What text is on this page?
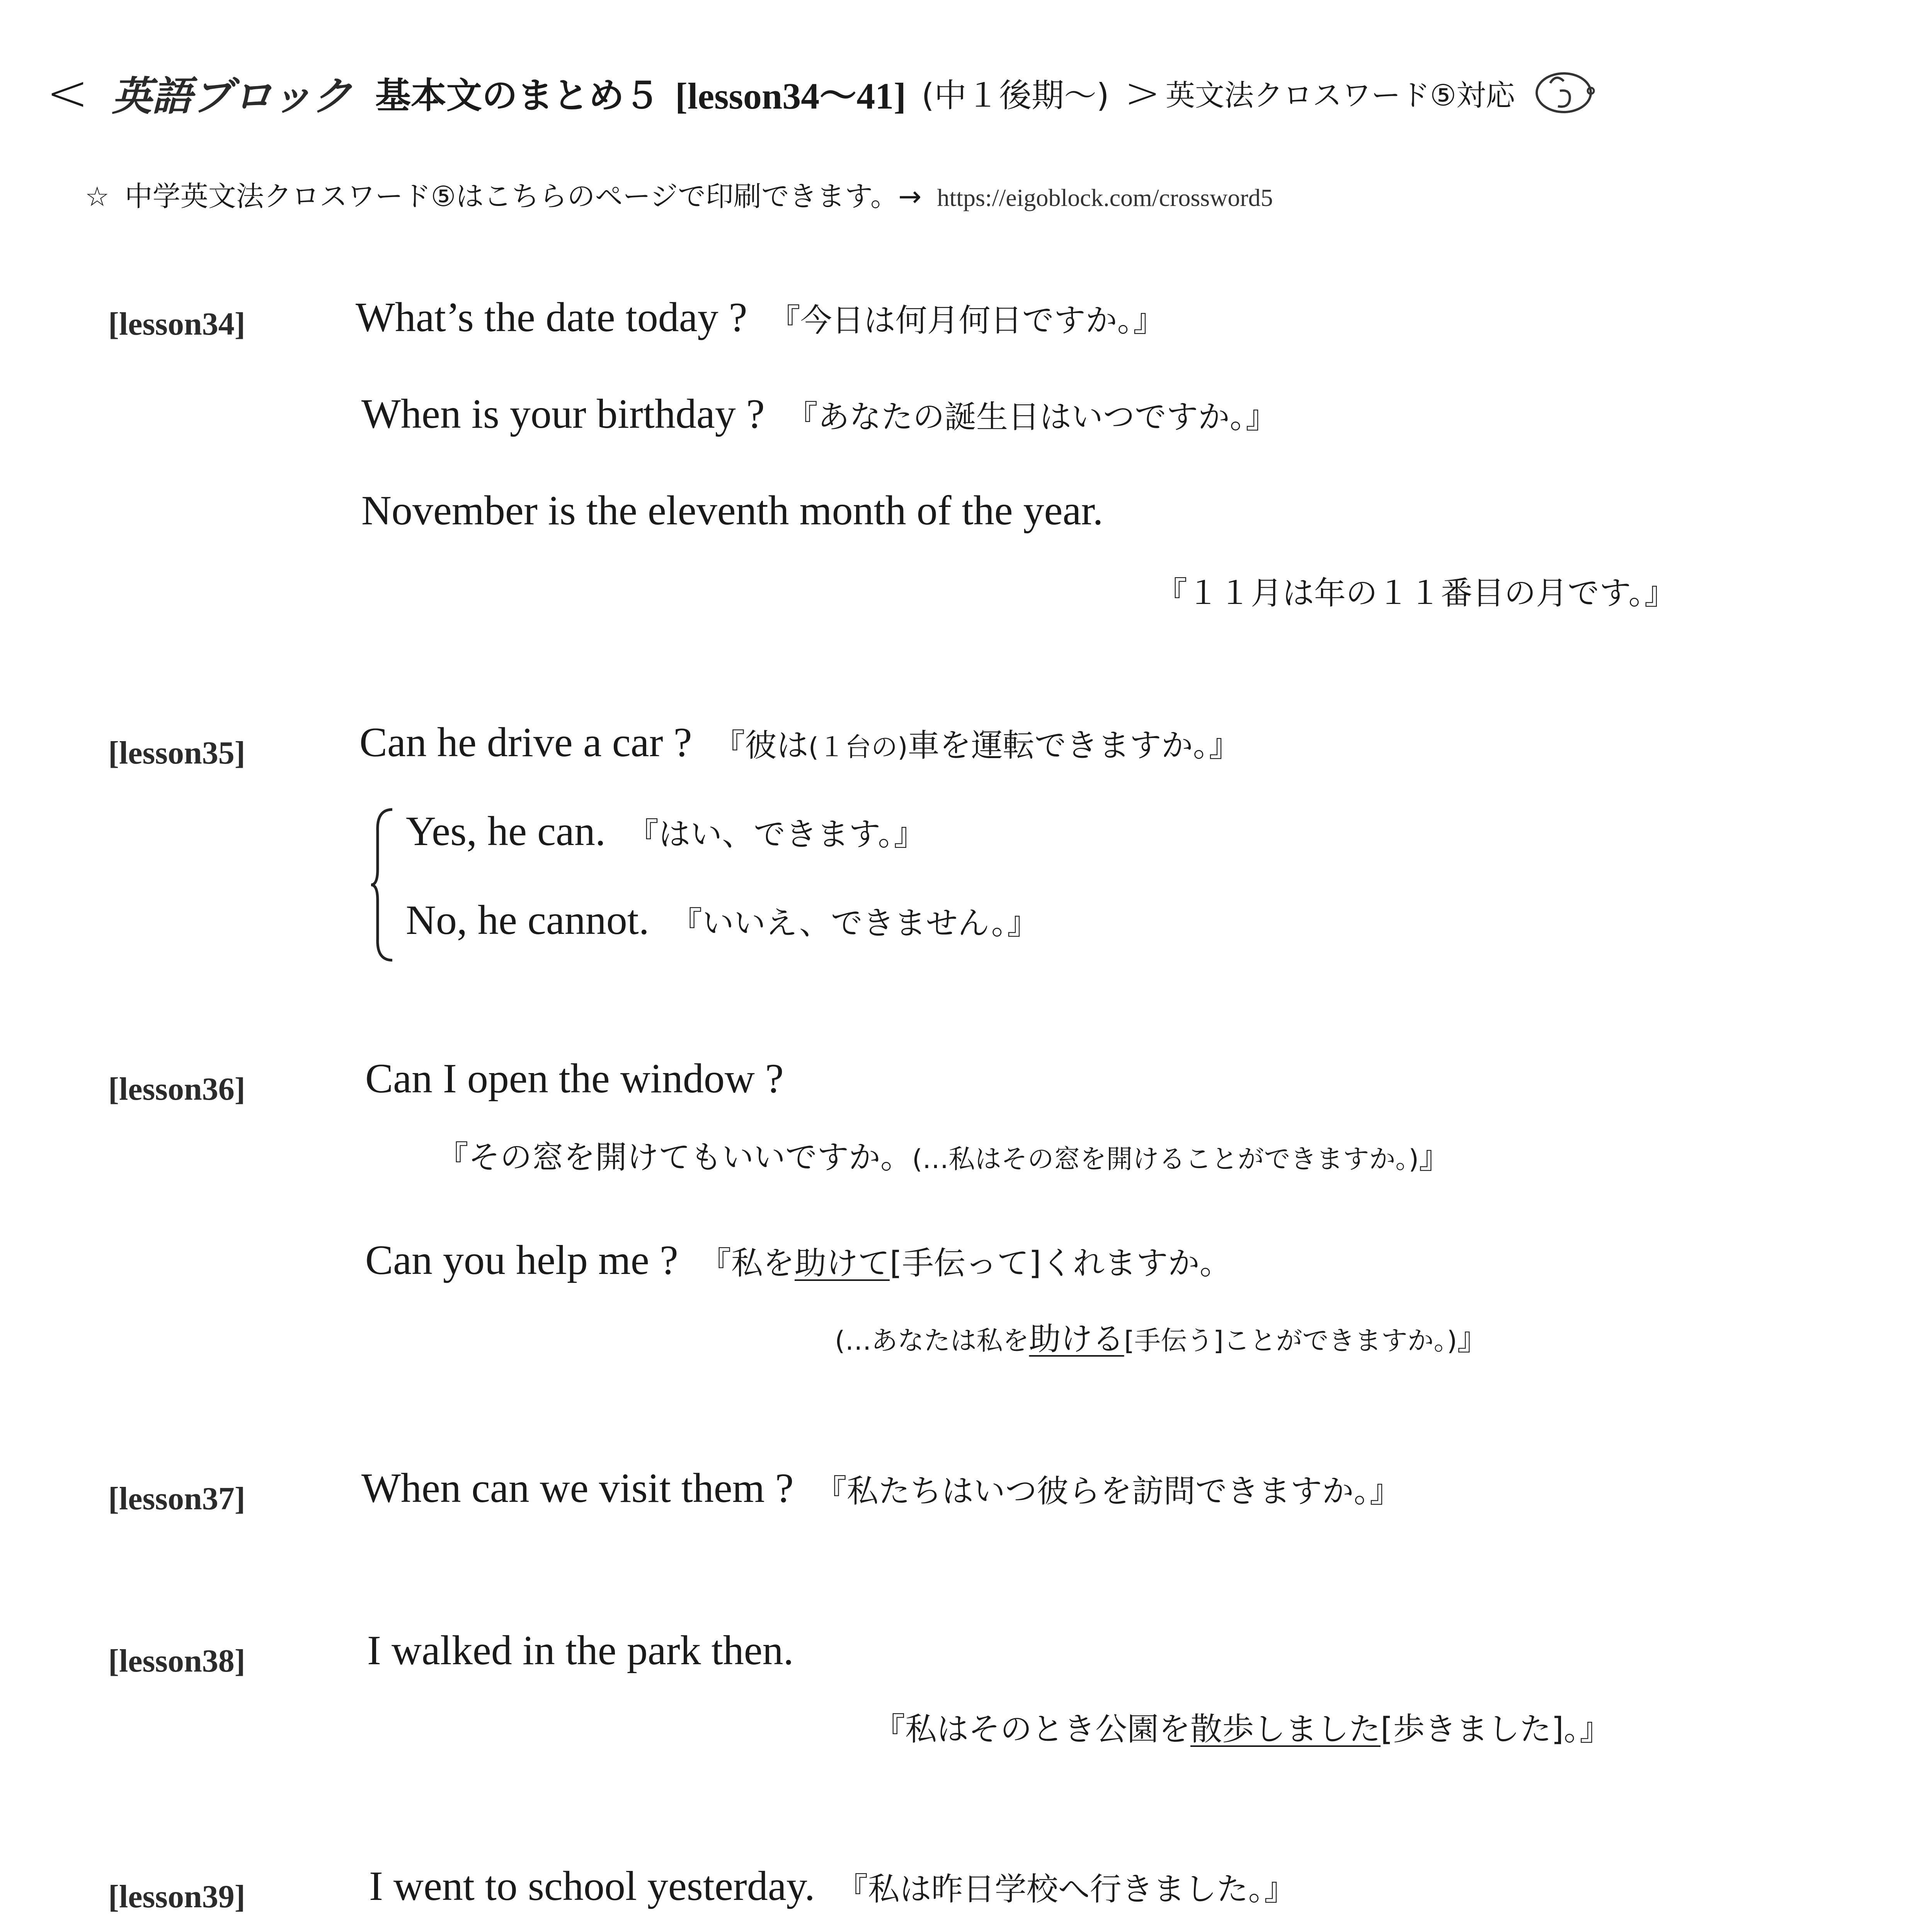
< 英語ブロック 基本文のまとめ５ [lesson34〜41] (中１後期〜) > 英文法クロスワード⑤対応
☆ 中学英文法クロスワード⑤はこちらのページで印刷できます。→ https://eigoblock.com/crossword5
[lesson34]	What’s the date today ? 『今日は何月何日ですか。』
When is your birthday ? 『あなたの誕生日はいつですか。』
November is the eleventh month of the year.
『１１月は年の１１番目の月です。』
[lesson35]	Can he drive a car ? 『彼は(１台の)車を運転できますか。』
Yes, he can. 『はい、できます。』
No, he cannot. 『いいえ、できません。』
[lesson36]	Can I open the window ?
『その窓を開けてもいいですか。(…私はその窓を開けることができますか。)』
Can you help me ? 『私を助けて[手伝って]くれますか。
(…あなたは私を助ける[手伝う]ことができますか。)』
[lesson37]	When can we visit them ? 『私たちはいつ彼らを訪問できますか。』
[lesson38]	I walked in the park then.
『私はそのとき公園を散歩しました[歩きました]。』
[lesson39]	I went to school yesterday. 『私は昨日学校へ行きました。』
